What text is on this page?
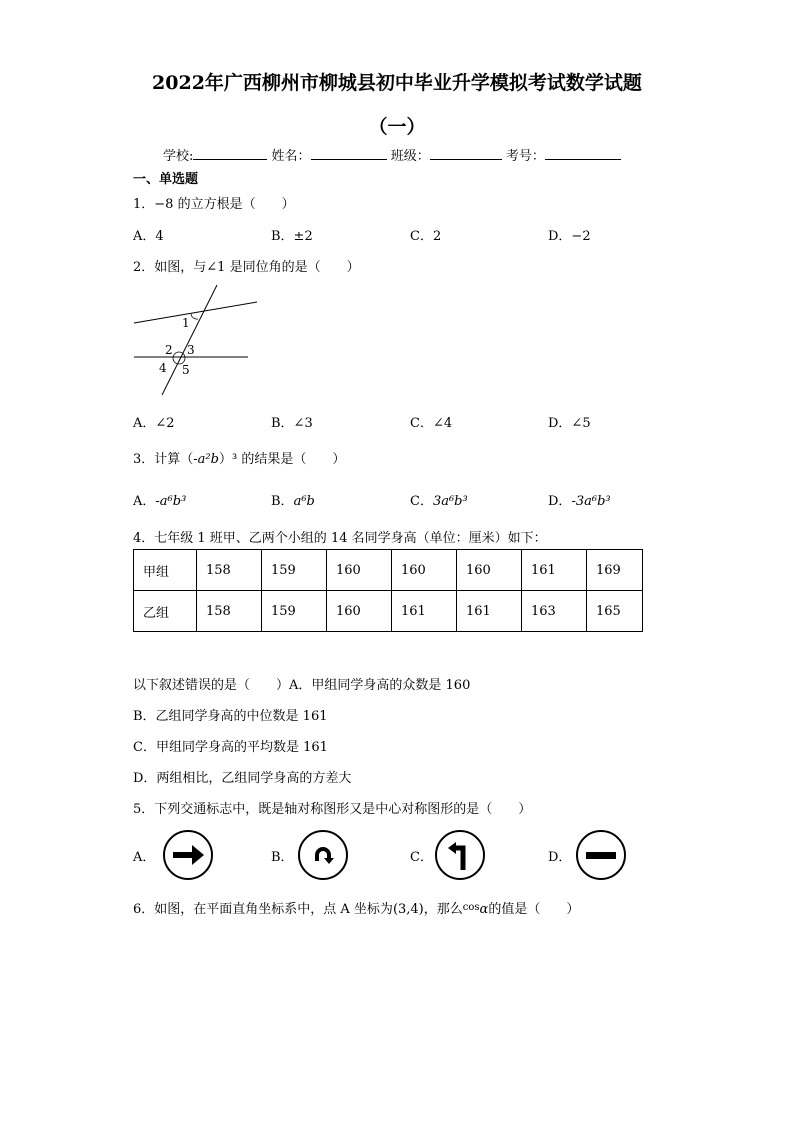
2022年广西柳州市柳城县初中毕业升学模拟考试数学试题
（一）
学校:	姓名：	班级：	考号：
一、单选题
1．−8 的立方根是（　　）
A．4	B．±2	C．2	D．−2
2．如图，与∠1 是同位角的是（　　）
1
2 3
4 5
A．∠2	B．∠3	C．∠4	D．∠5
3．计算（-a²b）³ 的结果是（　　）
A．-a⁶b³	B．a⁶b	C．3a⁶b³	D．-3a⁶b³
4．七年级 1 班甲、乙两个小组的 14 名同学身高（单位：厘米）如下：
甲组	158	159	160	160	160	161	169
乙组	158	159	160	161	161	163	165
以下叙述错误的是（　　）A．甲组同学身高的众数是 160
B．乙组同学身高的中位数是 161
C．甲组同学身高的平均数是 161
D．两组相比，乙组同学身高的方差大
5．下列交通标志中，既是轴对称图形又是中心对称图形的是（　　）
A．	B．	C．	D．
6．如图，在平面直角坐标系中，点 A 坐标为(3,4)，那么$^{cos}$α的值是（　　）
